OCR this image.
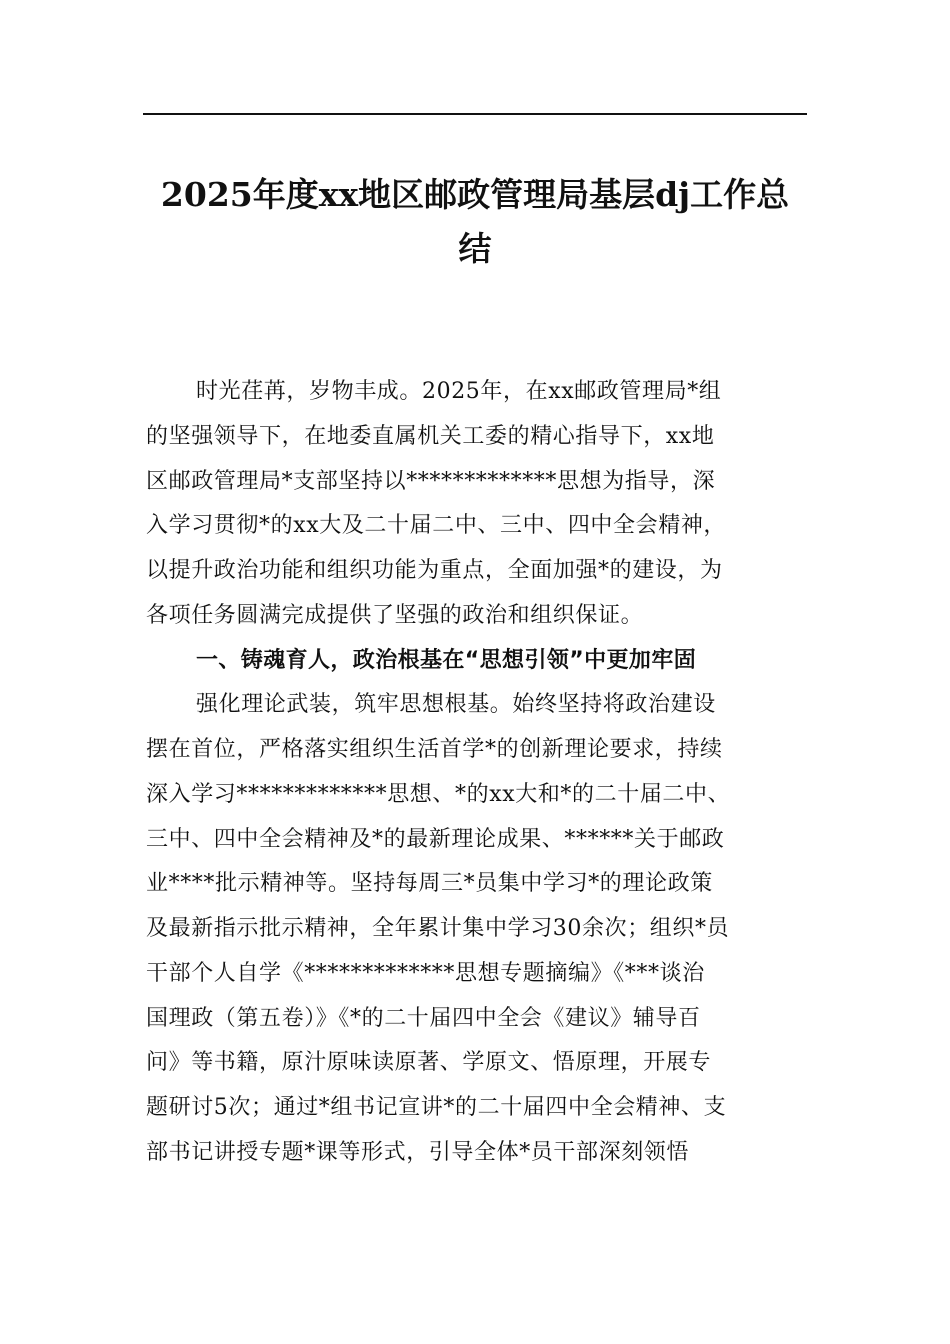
2025年度xx地区邮政管理局基层dj工作总
结
时光荏苒，岁物丰成。2025年，在xx邮政管理局*组
的坚强领导下，在地委直属机关工委的精心指导下，xx地
区邮政管理局*支部坚持以*************思想为指导，深
入学习贯彻*的xx大及二十届二中、三中、四中全会精神，
以提升政治功能和组织功能为重点，全面加强*的建设，为
各项任务圆满完成提供了坚强的政治和组织保证。
一、铸魂育人，政治根基在“思想引领”中更加牢固
强化理论武装，筑牢思想根基。始终坚持将政治建设
摆在首位，严格落实组织生活首学*的创新理论要求，持续
深入学习*************思想、*的xx大和*的二十届二中、
三中、四中全会精神及*的最新理论成果、******关于邮政
业****批示精神等。坚持每周三*员集中学习*的理论政策
及最新指示批示精神，全年累计集中学习30余次；组织*员
干部个人自学《*************思想专题摘编》《***谈治
国理政（第五卷）》《*的二十届四中全会《建议》辅导百
问》等书籍，原汁原味读原著、学原文、悟原理，开展专
题研讨5次；通过*组书记宣讲*的二十届四中全会精神、支
部书记讲授专题*课等形式，引导全体*员干部深刻领悟
